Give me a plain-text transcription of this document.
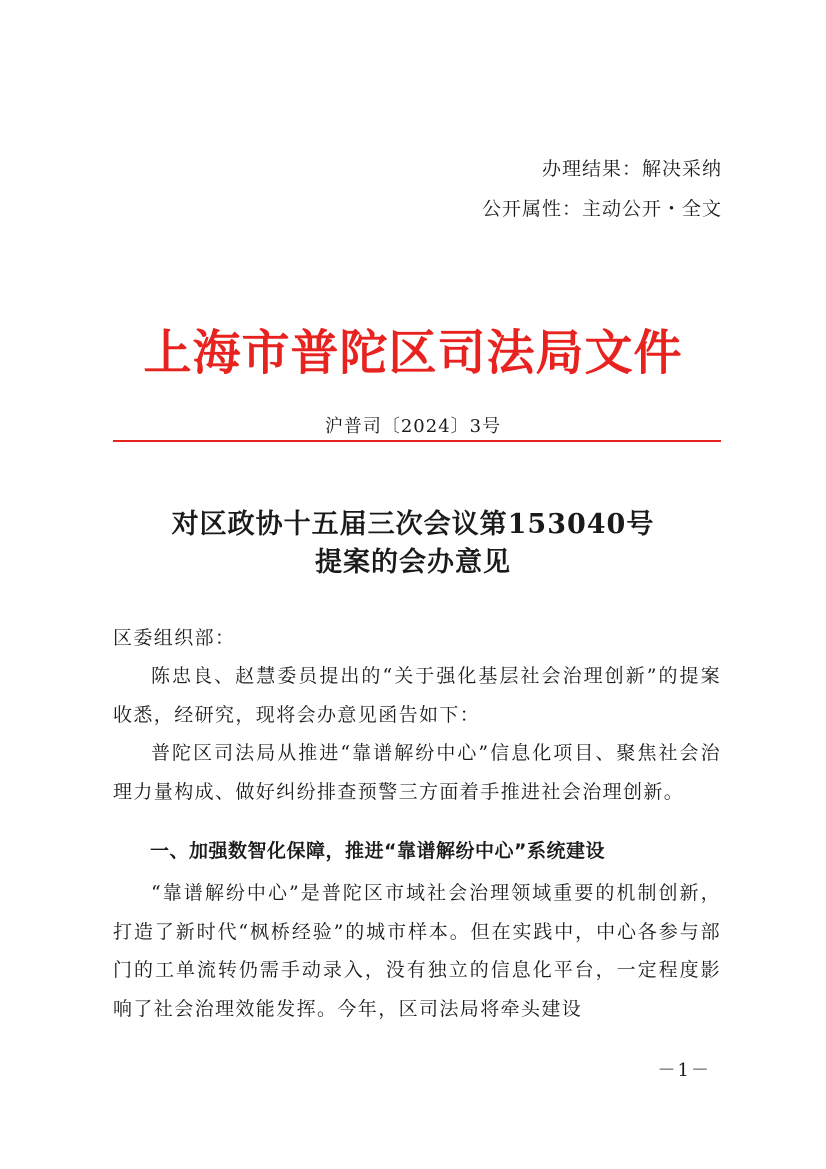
办理结果：解决采纳
公开属性：主动公开・全文
上海市普陀区司法局文件
沪普司〔2024〕3号
对区政协十五届三次会议第153040号
提案的会办意见
区委组织部：
陈忠良、赵慧委员提出的“关于强化基层社会治理创新”的提案收悉，经研究，现将会办意见函告如下：
普陀区司法局从推进“靠谱解纷中心”信息化项目、聚焦社会治理力量构成、做好纠纷排查预警三方面着手推进社会治理创新。
一、加强数智化保障，推进“靠谱解纷中心”系统建设
“靠谱解纷中心”是普陀区市域社会治理领域重要的机制创新，打造了新时代“枫桥经验”的城市样本。但在实践中，中心各参与部门的工单流转仍需手动录入，没有独立的信息化平台，一定程度影响了社会治理效能发挥。今年，区司法局将牵头建设
－1－
